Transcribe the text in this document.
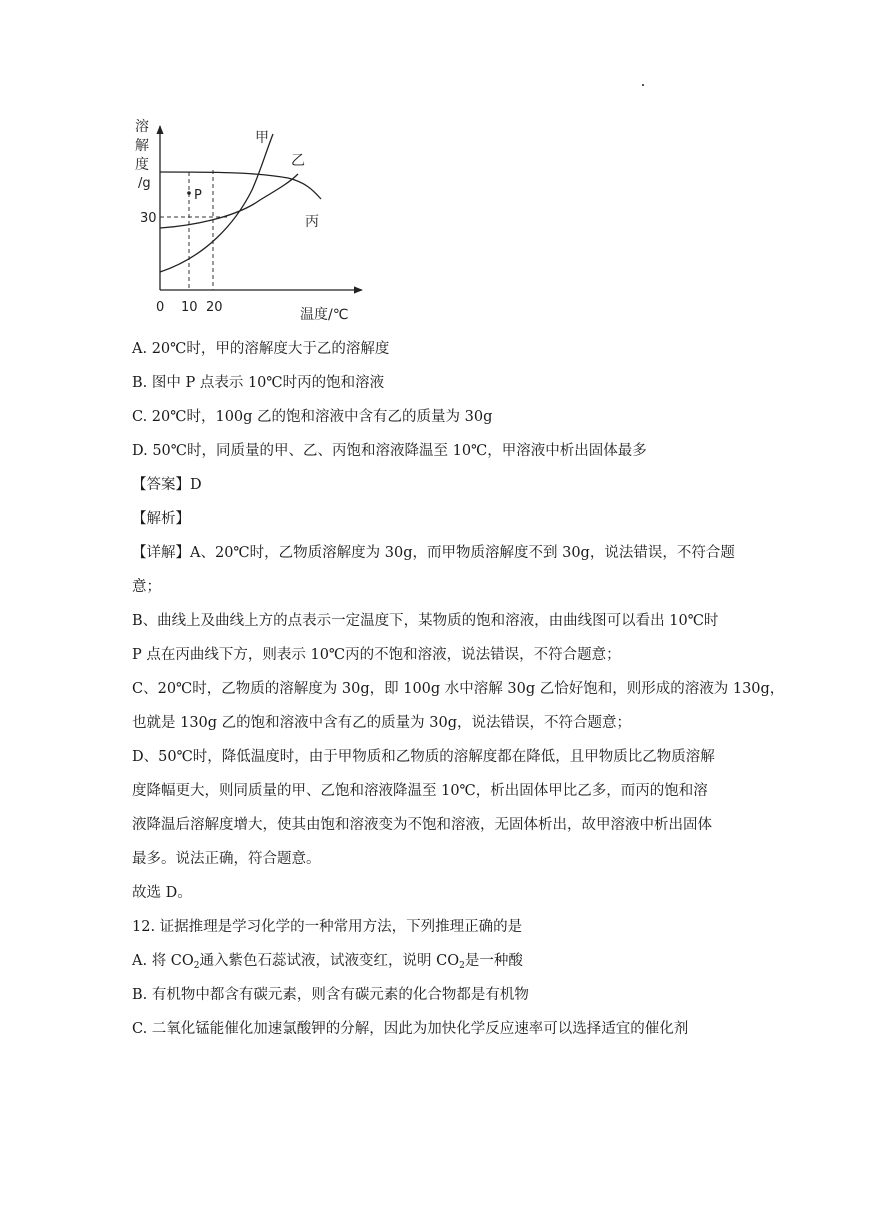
P
溶
解
度
/g
30
0 10 20	温度/℃
甲
乙
丙
A. 20℃时，甲的溶解度大于乙的溶解度
B. 图中 P 点表示 10℃时丙的饱和溶液
C. 20℃时，100g 乙的饱和溶液中含有乙的质量为 30g
D. 50℃时，同质量的甲、乙、丙饱和溶液降温至 10℃，甲溶液中析出固体最多
【答案】D
【解析】
【详解】A、20℃时，乙物质溶解度为 30g，而甲物质溶解度不到 30g，说法错误，不符合题
意；
B、曲线上及曲线上方的点表示一定温度下，某物质的饱和溶液，由曲线图可以看出 10℃时
P 点在丙曲线下方，则表示 10℃丙的不饱和溶液，说法错误，不符合题意；
C、20℃时，乙物质的溶解度为 30g，即 100g 水中溶解 30g 乙恰好饱和，则形成的溶液为 130g，
也就是 130g 乙的饱和溶液中含有乙的质量为 30g，说法错误，不符合题意；
D、50℃时，降低温度时，由于甲物质和乙物质的溶解度都在降低，且甲物质比乙物质溶解
度降幅更大，则同质量的甲、乙饱和溶液降温至 10℃，析出固体甲比乙多，而丙的饱和溶
液降温后溶解度增大，使其由饱和溶液变为不饱和溶液，无固体析出，故甲溶液中析出固体
最多。说法正确，符合题意。
故选 D。
12. 证据推理是学习化学的一种常用方法，下列推理正确的是
A. 将 $CO_2$通入紫色石蕊试液，试液变红，说明 $CO_2$是一种酸
B. 有机物中都含有碳元素，则含有碳元素的化合物都是有机物
C. 二氧化锰能催化加速氯酸钾的分解，因此为加快化学反应速率可以选择适宜的催化剂
